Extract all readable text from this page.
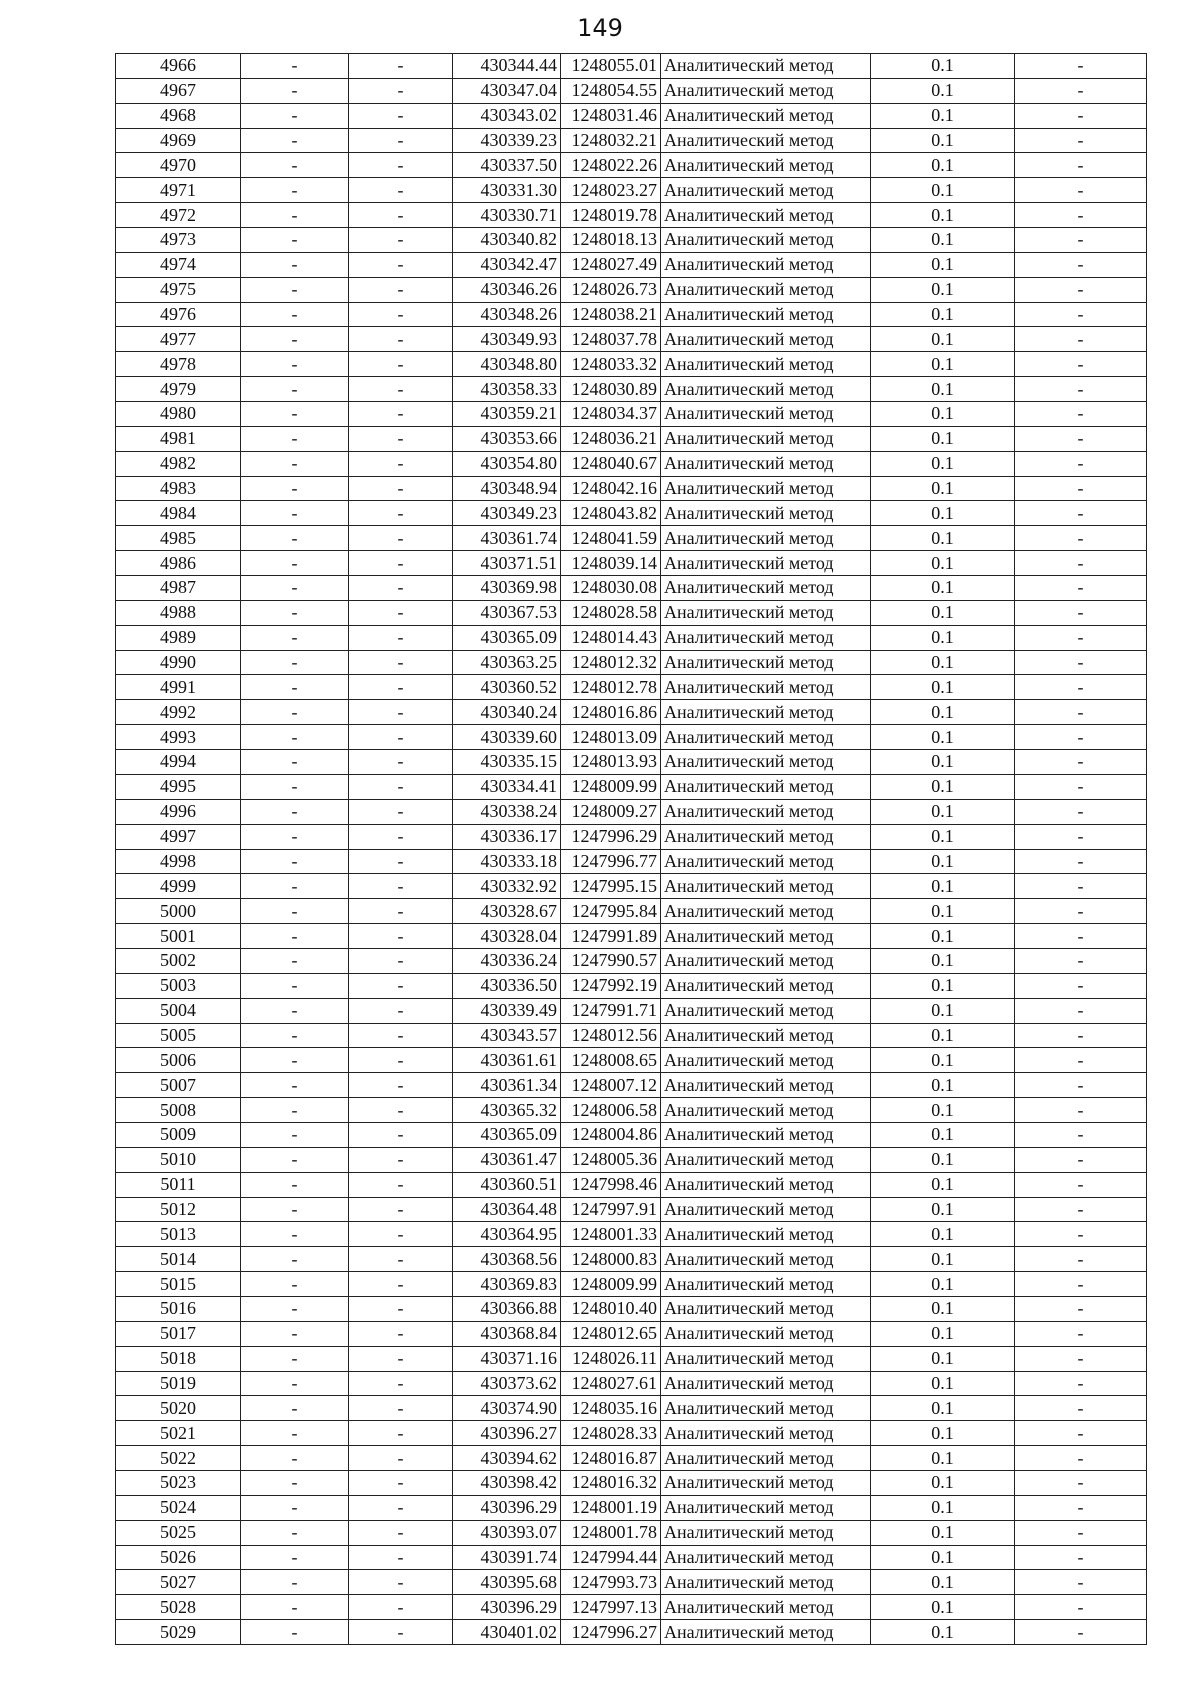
149
4966	-	-	430344.44	1248055.01	Аналитический метод	0.1	-
4967	-	-	430347.04	1248054.55	Аналитический метод	0.1	-
4968	-	-	430343.02	1248031.46	Аналитический метод	0.1	-
4969	-	-	430339.23	1248032.21	Аналитический метод	0.1	-
4970	-	-	430337.50	1248022.26	Аналитический метод	0.1	-
4971	-	-	430331.30	1248023.27	Аналитический метод	0.1	-
4972	-	-	430330.71	1248019.78	Аналитический метод	0.1	-
4973	-	-	430340.82	1248018.13	Аналитический метод	0.1	-
4974	-	-	430342.47	1248027.49	Аналитический метод	0.1	-
4975	-	-	430346.26	1248026.73	Аналитический метод	0.1	-
4976	-	-	430348.26	1248038.21	Аналитический метод	0.1	-
4977	-	-	430349.93	1248037.78	Аналитический метод	0.1	-
4978	-	-	430348.80	1248033.32	Аналитический метод	0.1	-
4979	-	-	430358.33	1248030.89	Аналитический метод	0.1	-
4980	-	-	430359.21	1248034.37	Аналитический метод	0.1	-
4981	-	-	430353.66	1248036.21	Аналитический метод	0.1	-
4982	-	-	430354.80	1248040.67	Аналитический метод	0.1	-
4983	-	-	430348.94	1248042.16	Аналитический метод	0.1	-
4984	-	-	430349.23	1248043.82	Аналитический метод	0.1	-
4985	-	-	430361.74	1248041.59	Аналитический метод	0.1	-
4986	-	-	430371.51	1248039.14	Аналитический метод	0.1	-
4987	-	-	430369.98	1248030.08	Аналитический метод	0.1	-
4988	-	-	430367.53	1248028.58	Аналитический метод	0.1	-
4989	-	-	430365.09	1248014.43	Аналитический метод	0.1	-
4990	-	-	430363.25	1248012.32	Аналитический метод	0.1	-
4991	-	-	430360.52	1248012.78	Аналитический метод	0.1	-
4992	-	-	430340.24	1248016.86	Аналитический метод	0.1	-
4993	-	-	430339.60	1248013.09	Аналитический метод	0.1	-
4994	-	-	430335.15	1248013.93	Аналитический метод	0.1	-
4995	-	-	430334.41	1248009.99	Аналитический метод	0.1	-
4996	-	-	430338.24	1248009.27	Аналитический метод	0.1	-
4997	-	-	430336.17	1247996.29	Аналитический метод	0.1	-
4998	-	-	430333.18	1247996.77	Аналитический метод	0.1	-
4999	-	-	430332.92	1247995.15	Аналитический метод	0.1	-
5000	-	-	430328.67	1247995.84	Аналитический метод	0.1	-
5001	-	-	430328.04	1247991.89	Аналитический метод	0.1	-
5002	-	-	430336.24	1247990.57	Аналитический метод	0.1	-
5003	-	-	430336.50	1247992.19	Аналитический метод	0.1	-
5004	-	-	430339.49	1247991.71	Аналитический метод	0.1	-
5005	-	-	430343.57	1248012.56	Аналитический метод	0.1	-
5006	-	-	430361.61	1248008.65	Аналитический метод	0.1	-
5007	-	-	430361.34	1248007.12	Аналитический метод	0.1	-
5008	-	-	430365.32	1248006.58	Аналитический метод	0.1	-
5009	-	-	430365.09	1248004.86	Аналитический метод	0.1	-
5010	-	-	430361.47	1248005.36	Аналитический метод	0.1	-
5011	-	-	430360.51	1247998.46	Аналитический метод	0.1	-
5012	-	-	430364.48	1247997.91	Аналитический метод	0.1	-
5013	-	-	430364.95	1248001.33	Аналитический метод	0.1	-
5014	-	-	430368.56	1248000.83	Аналитический метод	0.1	-
5015	-	-	430369.83	1248009.99	Аналитический метод	0.1	-
5016	-	-	430366.88	1248010.40	Аналитический метод	0.1	-
5017	-	-	430368.84	1248012.65	Аналитический метод	0.1	-
5018	-	-	430371.16	1248026.11	Аналитический метод	0.1	-
5019	-	-	430373.62	1248027.61	Аналитический метод	0.1	-
5020	-	-	430374.90	1248035.16	Аналитический метод	0.1	-
5021	-	-	430396.27	1248028.33	Аналитический метод	0.1	-
5022	-	-	430394.62	1248016.87	Аналитический метод	0.1	-
5023	-	-	430398.42	1248016.32	Аналитический метод	0.1	-
5024	-	-	430396.29	1248001.19	Аналитический метод	0.1	-
5025	-	-	430393.07	1248001.78	Аналитический метод	0.1	-
5026	-	-	430391.74	1247994.44	Аналитический метод	0.1	-
5027	-	-	430395.68	1247993.73	Аналитический метод	0.1	-
5028	-	-	430396.29	1247997.13	Аналитический метод	0.1	-
5029	-	-	430401.02	1247996.27	Аналитический метод	0.1	-
